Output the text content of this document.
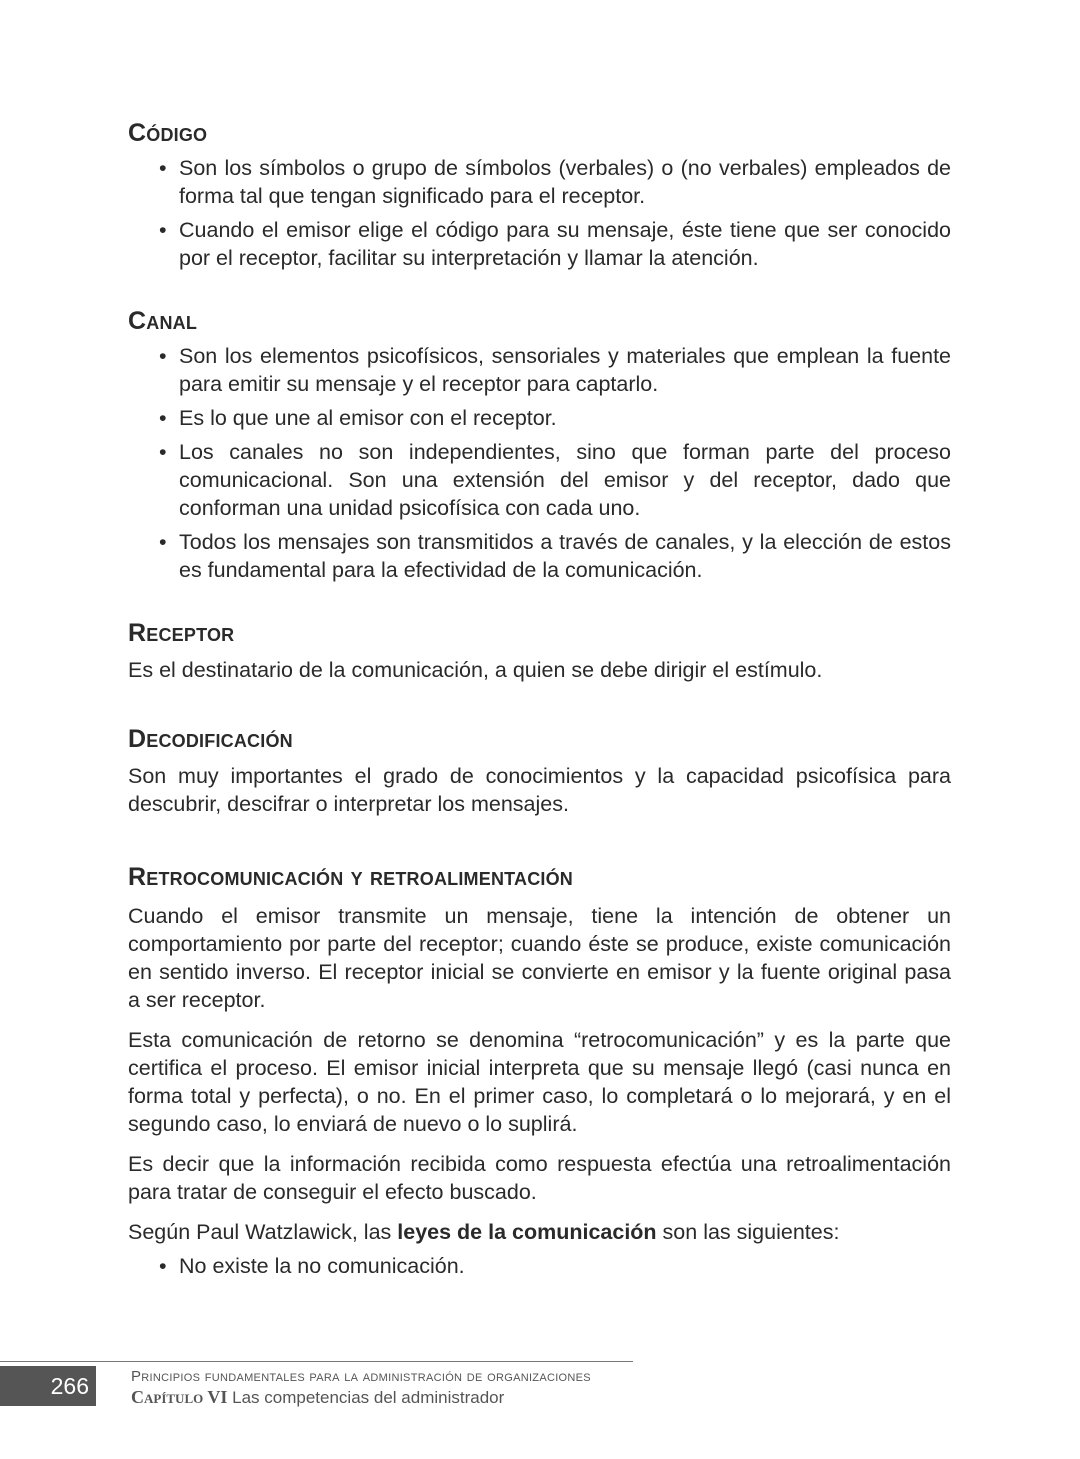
Código
• Son los símbolos o grupo de símbolos (verbales) o (no verbales) empleados de forma tal que tengan significado para el receptor.
• Cuando el emisor elige el código para su mensaje, éste tiene que ser conocido por el receptor, facilitar su interpretación y llamar la atención.
Canal
• Son los elementos psicofísicos, sensoriales y materiales que emplean la fuente para emitir su mensaje y el receptor para captarlo.
• Es lo que une al emisor con el receptor.
• Los canales no son independientes, sino que forman parte del proceso comunicacional. Son una extensión del emisor y del receptor, dado que conforman una unidad psicofísica con cada uno.
• Todos los mensajes son transmitidos a través de canales, y la elección de estos es fundamental para la efectividad de la comunicación.
Receptor

Es el destinatario de la comunicación, a quien se debe dirigir el estímulo.

Decodificación

Son muy importantes el grado de conocimientos y la capacidad psicofísica para descubrir, descifrar o interpretar los mensajes.

Retrocomunicación y retroalimentación

Cuando el emisor transmite un mensaje, tiene la intención de obtener un comportamiento por parte del receptor; cuando éste se produce, existe comunicación en sentido inverso. El receptor inicial se convierte en emisor y la fuente original pasa a ser receptor.

Esta comunicación de retorno se denomina “retrocomunicación” y es la parte que certifica el proceso. El emisor inicial interpreta que su mensaje llegó (casi nunca en forma total y perfecta), o no. En el primer caso, lo completará o lo mejorará, y en el segundo caso, lo enviará de nuevo o lo suplirá.

Es decir que la información recibida como respuesta efectúa una retroalimentación para tratar de conseguir el efecto buscado.

Según Paul Watzlawick, las leyes de la comunicación son las siguientes:

• No existe la no comunicación.
266	Principios fundamentales para la administración de organizaciones
Capítulo VI Las competencias del administrador
